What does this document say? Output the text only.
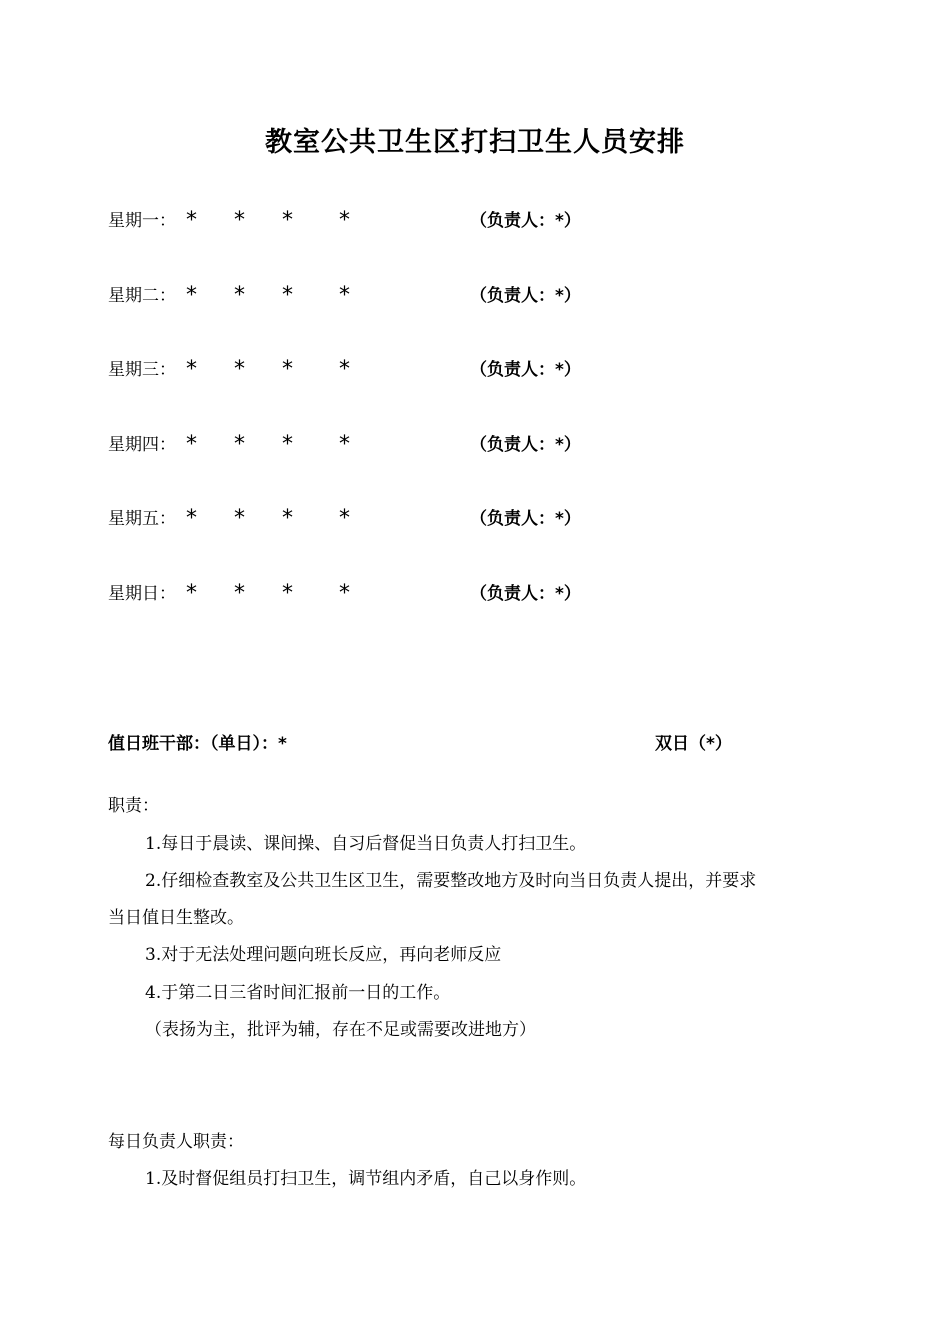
教室公共卫生区打扫卫生人员安排
星期一： * * * *	（负责人：*）
星期二： * * * *	（负责人：*）
星期三： * * * *	（负责人：*）
星期四： * * * *	（负责人：*）
星期五： * * * *	（负责人：*）
星期日： * * * *	（负责人：*）
值日班干部：（单日）：*	双日（*）
职责：
1.每日于晨读、课间操、自习后督促当日负责人打扫卫生。
2.仔细检查教室及公共卫生区卫生，需要整改地方及时向当日负责人提出，并要求
当日值日生整改。
3.对于无法处理问题向班长反应，再向老师反应
4.于第二日三省时间汇报前一日的工作。
（表扬为主，批评为辅，存在不足或需要改进地方）
每日负责人职责：
1.及时督促组员打扫卫生，调节组内矛盾，自己以身作则。
